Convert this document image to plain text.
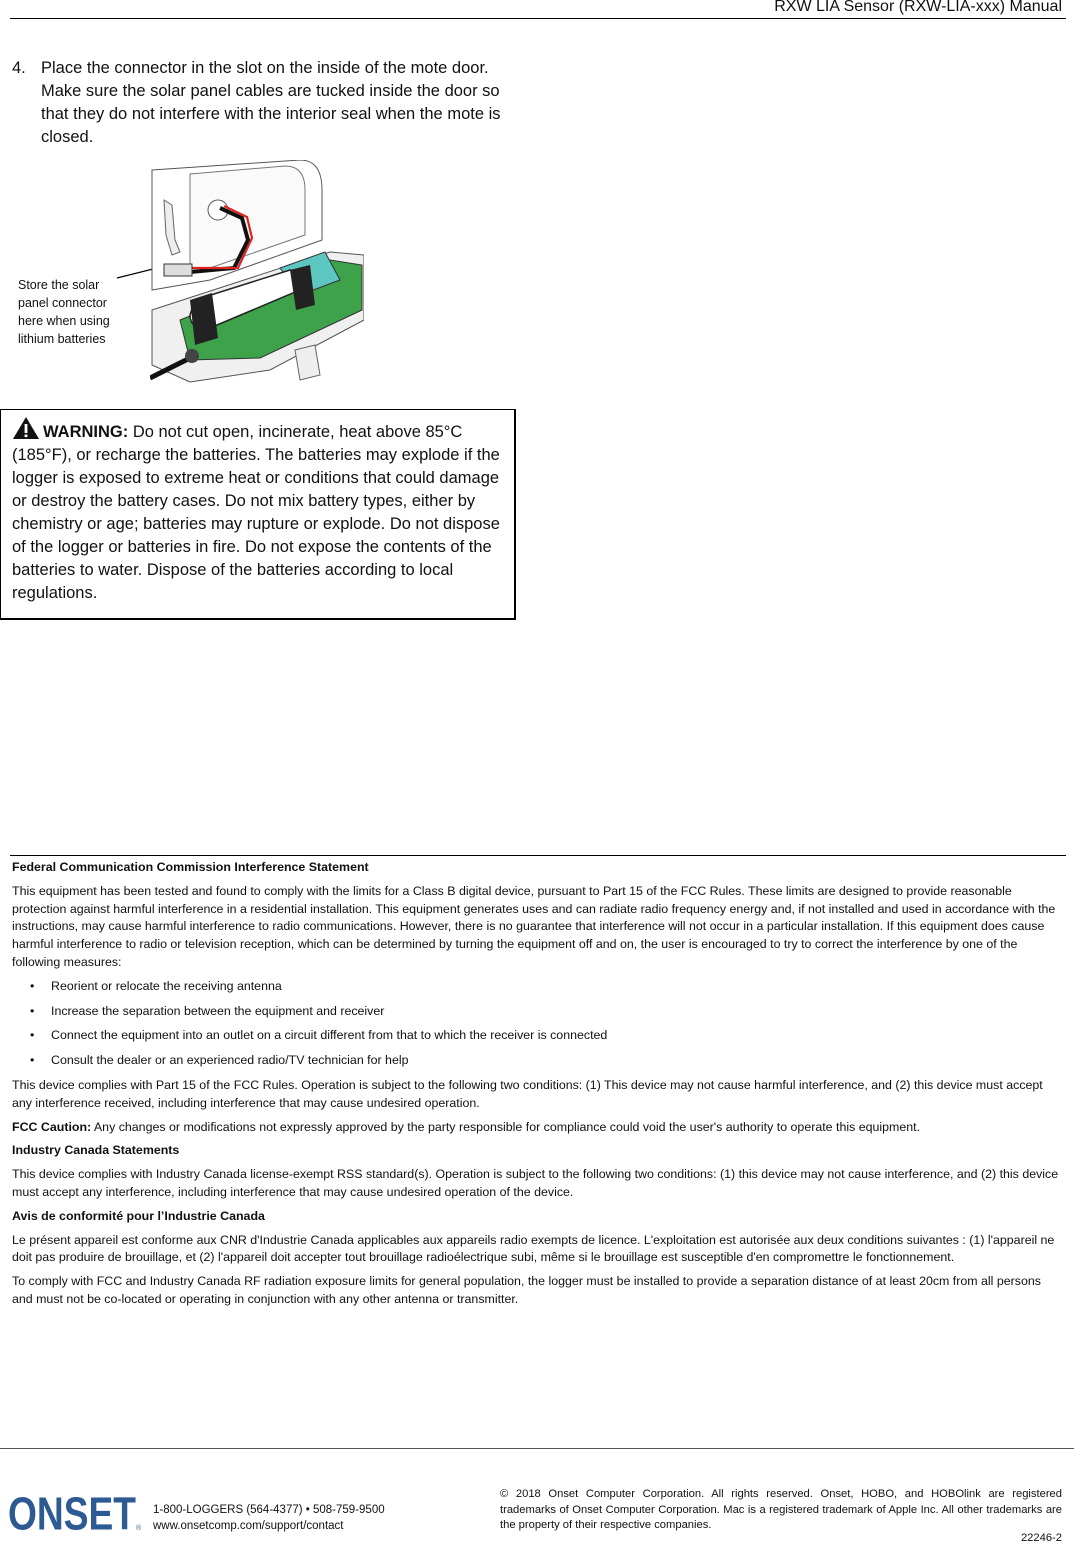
RXW LIA Sensor (RXW-LIA-xxx) Manual
4. Place the connector in the slot on the inside of the mote door. Make sure the solar panel cables are tucked inside the door so that they do not interfere with the interior seal when the mote is closed.
Store the solar panel connector here when using lithium batteries
WARNING: Do not cut open, incinerate, heat above 85°C (185°F), or recharge the batteries. The batteries may explode if the logger is exposed to extreme heat or conditions that could damage or destroy the battery cases. Do not mix battery types, either by chemistry or age; batteries may rupture or explode. Do not dispose of the logger or batteries in fire. Do not expose the contents of the batteries to water. Dispose of the batteries according to local regulations.
Federal Communication Commission Interference Statement

This equipment has been tested and found to comply with the limits for a Class B digital device, pursuant to Part 15 of the FCC Rules. These limits are designed to provide reasonable protection against harmful interference in a residential installation. This equipment generates uses and can radiate radio frequency energy and, if not installed and used in accordance with the instructions, may cause harmful interference to radio communications. However, there is no guarantee that interference will not occur in a particular installation. If this equipment does cause harmful interference to radio or television reception, which can be determined by turning the equipment off and on, the user is encouraged to try to correct the interference by one of the following measures:

• Reorient or relocate the receiving antenna
• Increase the separation between the equipment and receiver
• Connect the equipment into an outlet on a circuit different from that to which the receiver is connected
• Consult the dealer or an experienced radio/TV technician for help

This device complies with Part 15 of the FCC Rules. Operation is subject to the following two conditions: (1) This device may not cause harmful interference, and (2) this device must accept any interference received, including interference that may cause undesired operation.

FCC Caution: Any changes or modifications not expressly approved by the party responsible for compliance could void the user's authority to operate this equipment.

Industry Canada Statements

This device complies with Industry Canada license-exempt RSS standard(s). Operation is subject to the following two conditions: (1) this device may not cause interference, and (2) this device must accept any interference, including interference that may cause undesired operation of the device.

Avis de conformité pour l’Industrie Canada

Le présent appareil est conforme aux CNR d'Industrie Canada applicables aux appareils radio exempts de licence. L'exploitation est autorisée aux deux conditions suivantes : (1) l'appareil ne doit pas produire de brouillage, et (2) l'appareil doit accepter tout brouillage radioélectrique subi, même si le brouillage est susceptible d'en compromettre le fonctionnement.

To comply with FCC and Industry Canada RF radiation exposure limits for general population, the logger must be installed to provide a separation distance of at least 20cm from all persons and must not be co-located or operating in conjunction with any other antenna or transmitter.

ONSET ®
1-800-LOGGERS (564-4377) • 508-759-9500
www.onsetcomp.com/support/contact
© 2018 Onset Computer Corporation. All rights reserved. Onset, HOBO, and HOBOlink are registered trademarks of Onset Computer Corporation. Mac is a registered trademark of Apple Inc. All other trademarks are the property of their respective companies.
22246-2
